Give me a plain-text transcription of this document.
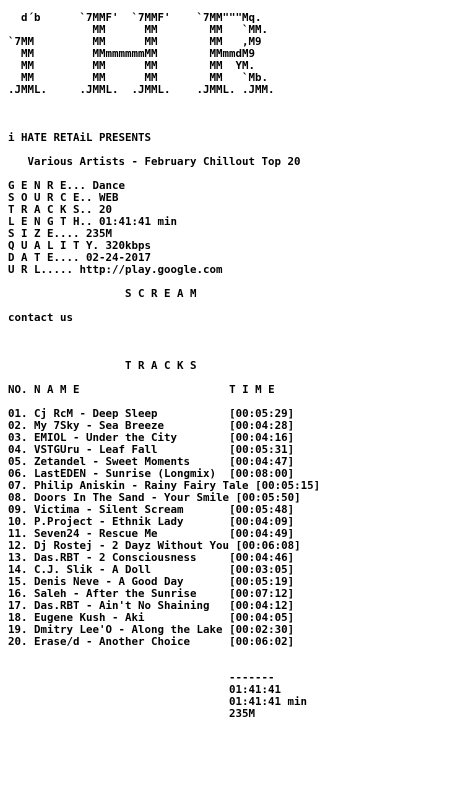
d´b      `7MMF'  `7MMF'    `7MM"""Mq.
MM      MM        MM   `MM.
`7MM         MM      MM        MM   ,M9
MM         MMmmmmmmMM        MMmmdM9
MM         MM      MM        MM  YM.
MM         MM      MM        MM   `Mb.
.JMML.     .JMML.  .JMML.    .JMML. .JMM.

i HATE RETAiL PRESENTS

Various Artists - February Chillout Top 20

G E N R E... Dance
S O U R C E.. WEB
T R A C K S.. 20
L E N G T H.. 01:41:41 min
S I Z E.... 235M
Q U A L I T Y. 320kbps
D A T E.... 02-24-2017
U R L..... http://play.google.com

S C R E A M

contact us

T R A C K S

NO. N A M E	T I M E

01. Cj RcM - Deep Sleep	[00:05:29]
02. My 7Sky - Sea Breeze	[00:04:28]
03. EMIOL - Under the City	[00:04:16]
04. VSTGUru - Leaf Fall	[00:05:31]
05. Zetandel - Sweet Moments	[00:04:47]
06. LastEDEN - Sunrise (Longmix) [00:08:00]
07. Philip Aniskin - Rainy Fairy Tale [00:05:15]
08. Doors In The Sand - Your Smile [00:05:50]
09. Victima - Silent Scream	[00:05:48]
10. P.Project - Ethnik Lady	[00:04:09]
11. Seven24 - Rescue Me	[00:04:49]
12. Dj Rostej - 2 Dayz Without You [00:06:08]
13. Das.RBT - 2 Consciousness	[00:04:46]
14. C.J. Slik - A Doll	[00:03:05]
15. Denis Neve - A Good Day	[00:05:19]
16. Saleh - After the Sunrise	[00:07:12]
17. Das.RBT - Ain't No Shaining [00:04:12]
18. Eugene Kush - Aki	[00:04:05]
19. Dmitry Lee'O - Along the Lake [00:02:30]
20. Erase/d - Another Choice	[00:06:02]

-------
01:41:41
01:41:41 min
235M
